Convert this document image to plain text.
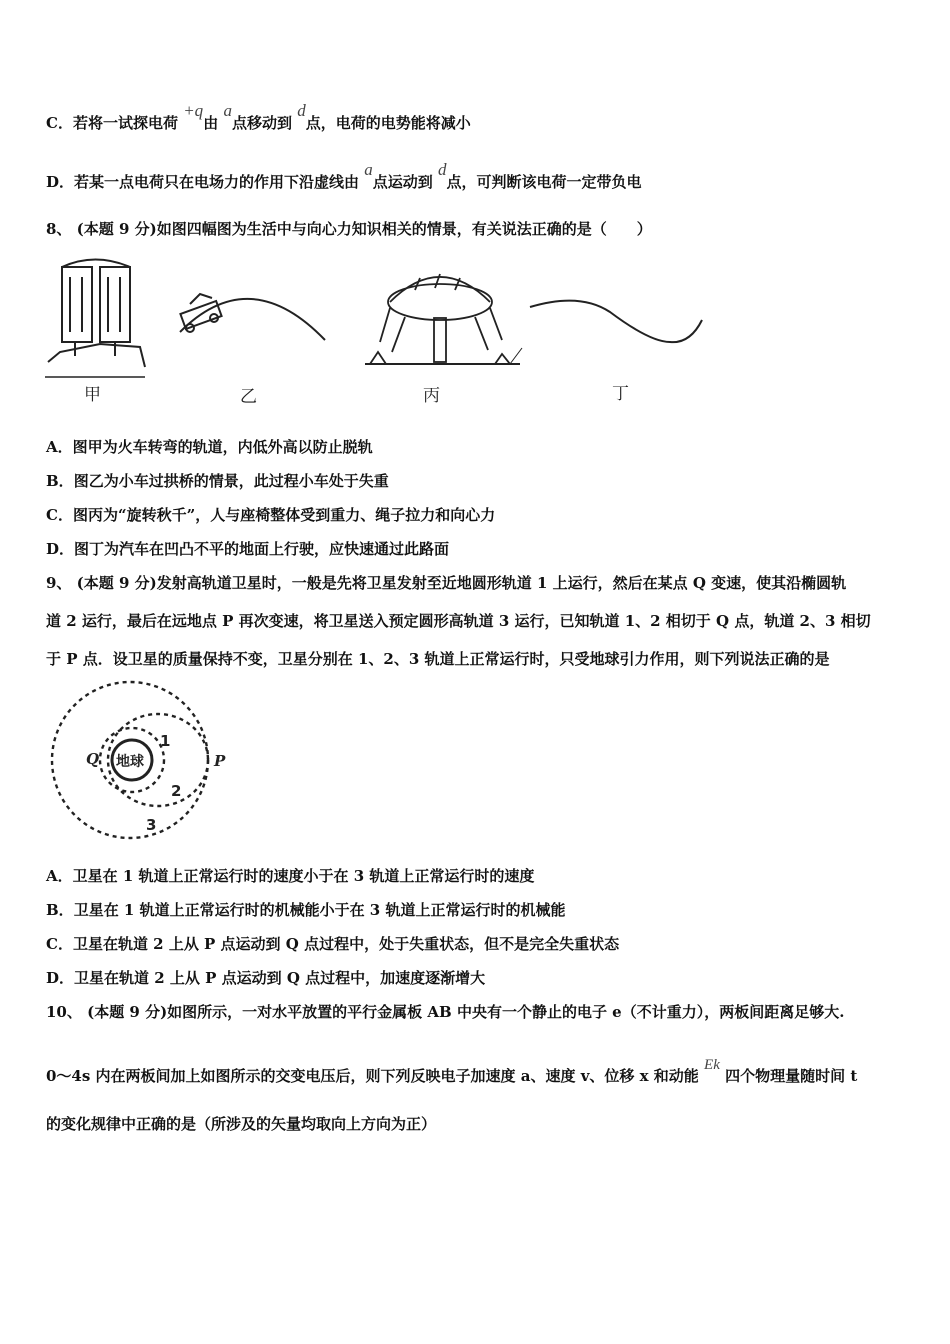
C．若将一试探电荷 +q由 a点移动到 d点，电荷的电势能将减小
D．若某一点电荷只在电场力的作用下沿虚线由 a点运动到 d点，可判断该电荷一定带负电
8、 (本题 9 分)如图四幅图为生活中与向心力知识相关的情景，有关说法正确的是（　　）
甲	乙	丙	丁
A．图甲为火车转弯的轨道，内低外高以防止脱轨
B．图乙为小车过拱桥的情景，此过程小车处于失重
C．图丙为“旋转秋千”，人与座椅整体受到重力、绳子拉力和向心力
D．图丁为汽车在凹凸不平的地面上行驶，应快速通过此路面
9、 (本题 9 分)发射高轨道卫星时，一般是先将卫星发射至近地圆形轨道 1 上运行，然后在某点 Q 变速，使其沿椭圆轨
道 2 运行，最后在远地点 P 再次变速，将卫星送入预定圆形高轨道 3 运行，已知轨道 1、2 相切于 Q 点，轨道 2、3 相切
于 P 点．设卫星的质量保持不变，卫星分别在 1、2、3 轨道上正常运行时，只受地球引力作用，则下列说法正确的是
地球
Q	P
1
2
3
A．卫星在 1 轨道上正常运行时的速度小于在 3 轨道上正常运行时的速度
B．卫星在 1 轨道上正常运行时的机械能小于在 3 轨道上正常运行时的机械能
C．卫星在轨道 2 上从 P 点运动到 Q 点过程中，处于失重状态，但不是完全失重状态
D．卫星在轨道 2 上从 P 点运动到 Q 点过程中，加速度逐渐增大
10、 (本题 9 分)如图所示，一对水平放置的平行金属板 AB 中央有一个静止的电子 e（不计重力），两板间距离足够大.
0～4s 内在两板间加上如图所示的交变电压后，则下列反映电子加速度 a、速度 v、位移 x 和动能 Ek 四个物理量随时间 t
的变化规律中正确的是（所涉及的矢量均取向上方向为正）
